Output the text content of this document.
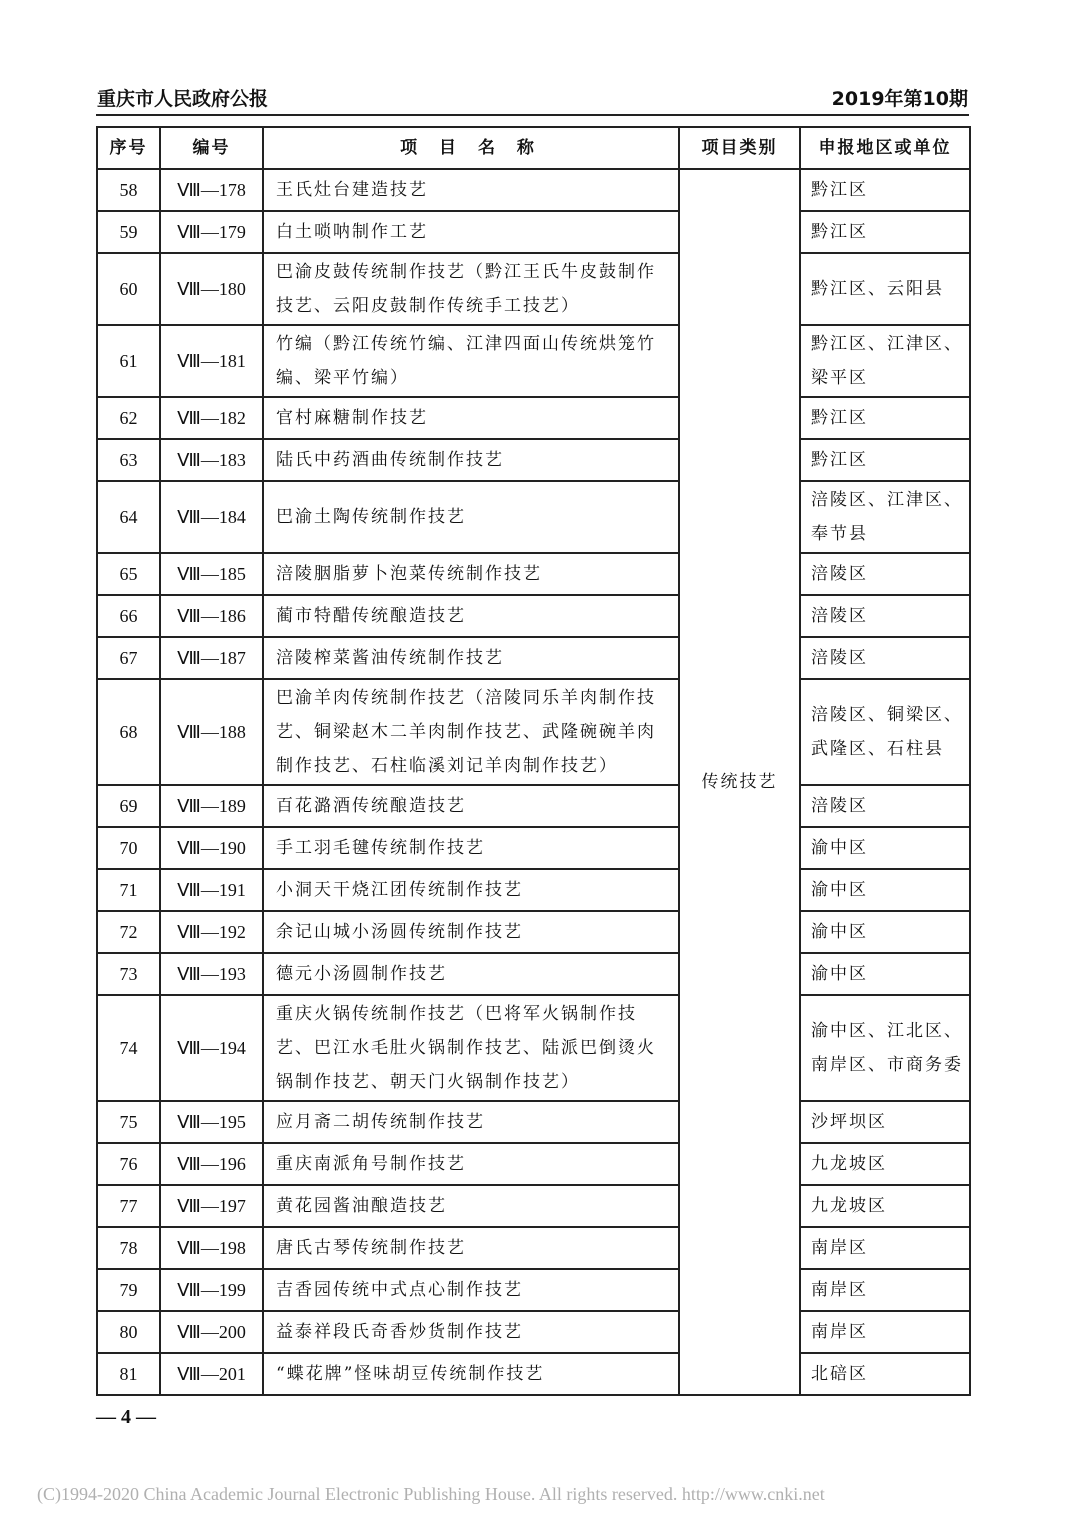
重庆市人民政府公报	2019年第10期
序号	编号	项 目 名 称	项目类别	申报地区或单位
58	Ⅷ—178	王氏灶台建造技艺	传统技艺	黔江区
59	Ⅷ—179	白土唢呐制作工艺		黔江区
60	Ⅷ—180	巴渝皮鼓传统制作技艺（黔江王氏牛皮鼓制作技艺、云阳皮鼓制作传统手工技艺）		黔江区、云阳县
61	Ⅷ—181	竹编（黔江传统竹编、江津四面山传统烘笼竹编、梁平竹编）		黔江区、江津区、梁平区
62	Ⅷ—182	官村麻糖制作技艺		黔江区
63	Ⅷ—183	陆氏中药酒曲传统制作技艺		黔江区
64	Ⅷ—184	巴渝土陶传统制作技艺		涪陵区、江津区、奉节县
65	Ⅷ—185	涪陵胭脂萝卜泡菜传统制作技艺		涪陵区
66	Ⅷ—186	蔺市特醋传统酿造技艺		涪陵区
67	Ⅷ—187	涪陵榨菜酱油传统制作技艺		涪陵区
68	Ⅷ—188	巴渝羊肉传统制作技艺（涪陵同乐羊肉制作技艺、铜梁赵木二羊肉制作技艺、武隆碗碗羊肉制作技艺、石柱临溪刘记羊肉制作技艺）		涪陵区、铜梁区、武隆区、石柱县
69	Ⅷ—189	百花潞酒传统酿造技艺		涪陵区
70	Ⅷ—190	手工羽毛毽传统制作技艺		渝中区
71	Ⅷ—191	小洞天干烧江团传统制作技艺		渝中区
72	Ⅷ—192	余记山城小汤圆传统制作技艺		渝中区
73	Ⅷ—193	德元小汤圆制作技艺		渝中区
74	Ⅷ—194	重庆火锅传统制作技艺（巴将军火锅制作技艺、巴江水毛肚火锅制作技艺、陆派巴倒烫火锅制作技艺、朝天门火锅制作技艺）		渝中区、江北区、南岸区、市商务委
75	Ⅷ—195	应月斋二胡传统制作技艺		沙坪坝区
76	Ⅷ—196	重庆南派角号制作技艺		九龙坡区
77	Ⅷ—197	黄花园酱油酿造技艺		九龙坡区
78	Ⅷ—198	唐氏古琴传统制作技艺		南岸区
79	Ⅷ—199	吉香园传统中式点心制作技艺		南岸区
80	Ⅷ—200	益泰祥段氏奇香炒货制作技艺		南岸区
81	Ⅷ—201	“蝶花牌”怪味胡豆传统制作技艺		北碚区
— 4 —
(C)1994-2020 China Academic Journal Electronic Publishing House. All rights reserved. http://www.cnki.net
